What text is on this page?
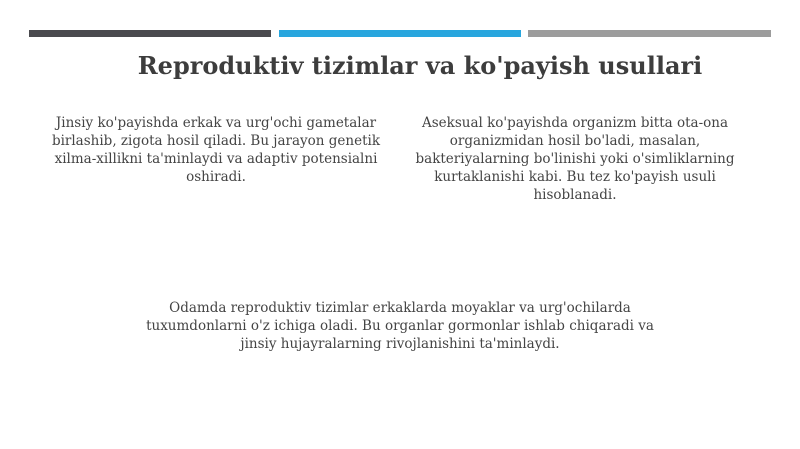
Reproduktiv tizimlar va ko'payish usullari
Jinsiy ko'payishda erkak va urg'ochi gametalar birlashib, zigota hosil qiladi. Bu jarayon genetik xilma-xillikni ta'minlaydi va adaptiv potensialni oshiradi.
Aseksual ko'payishda organizm bitta ota-ona organizmidan hosil bo'ladi, masalan, bakteriyalarning bo'linishi yoki o'simliklarning kurtaklanishi kabi. Bu tez ko'payish usuli hisoblanadi.
Odamda reproduktiv tizimlar erkaklarda moyaklar va urg'ochilarda tuxumdonlarni o'z ichiga oladi. Bu organlar gormonlar ishlab chiqaradi va jinsiy hujayralarning rivojlanishini ta'minlaydi.
